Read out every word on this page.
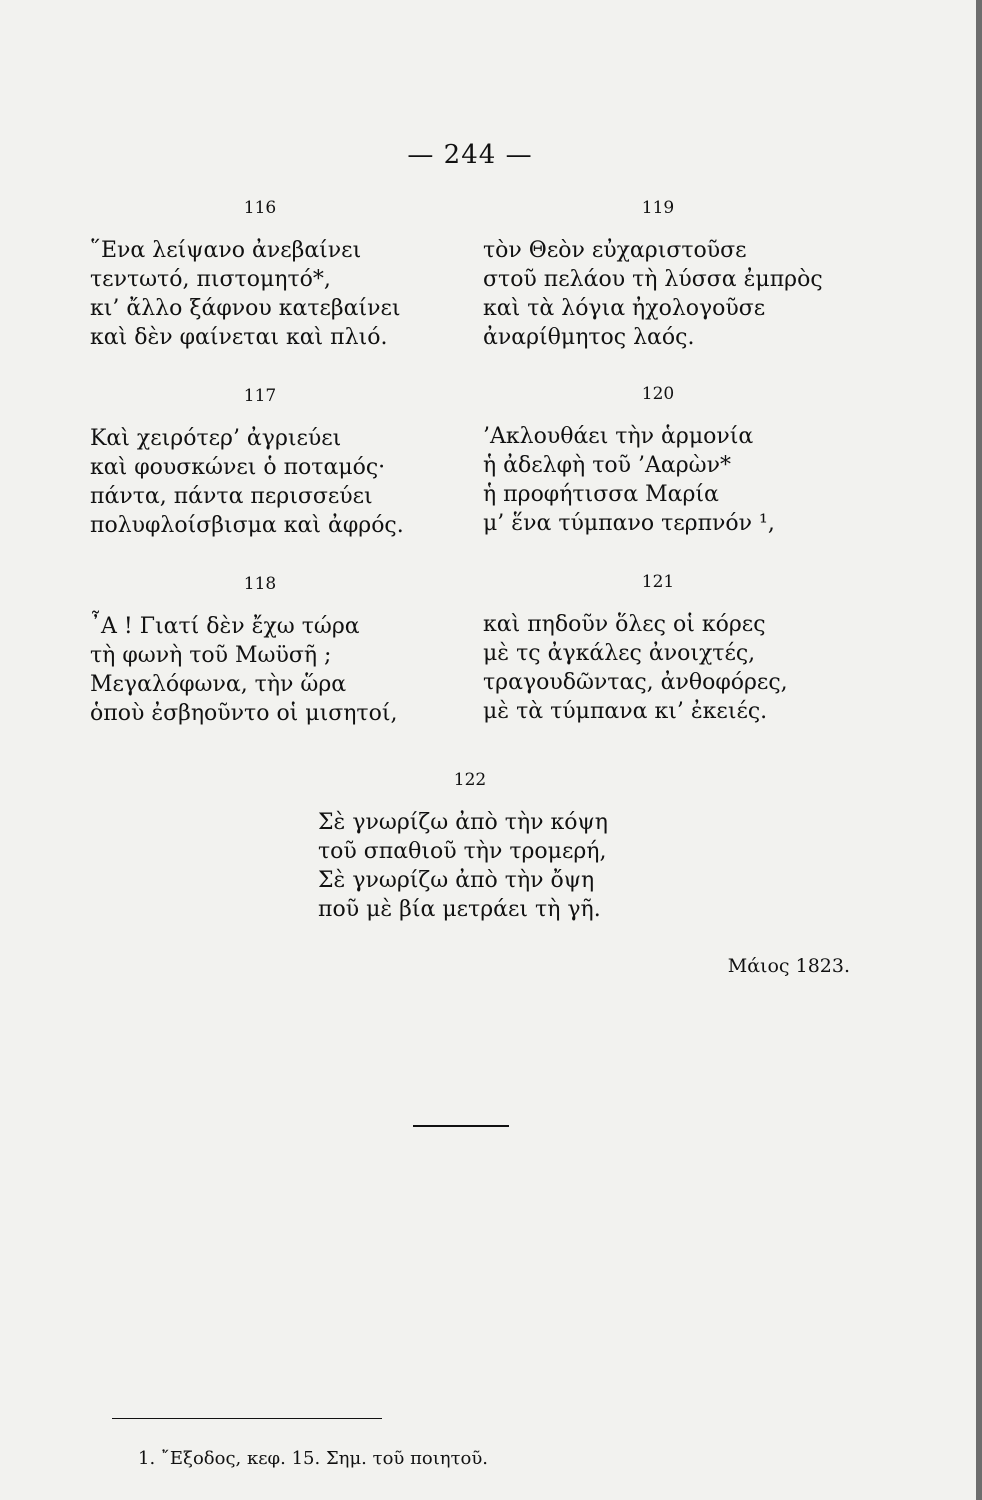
— 244 —
116
῞Ενα λείψανο ἀνεβαίνει
τεντωτό, πιστομητό*,
κι’ ἄλλο ξάφνου κατεβαίνει
καὶ δὲν φαίνεται καὶ πλιό.
117
Καὶ χειρότερ’ ἀγριεύει
καὶ φουσκώνει ὁ ποταμός·
πάντα, πάντα περισσεύει
πολυφλοίσβισμα καὶ ἀφρός.
118
῏Α ! Γιατί δὲν ἔχω τώρα
τὴ φωνὴ τοῦ Μωϋσῆ ;
Μεγαλόφωνα, τὴν ὥρα
ὁποὺ ἐσβηοῦντο οἱ μισητοί,
119
τὸν Θεὸν εὐχαριστοῦσε
στοῦ πελάου τὴ λύσσα ἐμπρὸς
καὶ τὰ λόγια ἠχολογοῦσε
ἀναρίθμητος λαός.
120
’Ακλουθάει τὴν ἁρμονία
ἡ ἀδελφὴ τοῦ ’Ααρὼν*
ἡ προφήτισσα Μαρία
μ’ ἕνα τύμπανο τερπνόν ¹,
121
καὶ πηδοῦν ὅλες οἱ κόρες
μὲ τς ἀγκάλες ἀνοιχτές,
τραγουδῶντας, ἀνθοφόρες,
μὲ τὰ τύμπανα κι’ ἐκειές.
122
Σὲ γνωρίζω ἀπὸ τὴν κόψη
τοῦ σπαθιοῦ τὴν τρομερή,
Σὲ γνωρίζω ἀπὸ τὴν ὄψη
ποῦ μὲ βία μετράει τὴ γῆ.
Μάιος 1823.
1. ῎Εξοδος, κεφ. 15. Σημ. τοῦ ποιητοῦ.
